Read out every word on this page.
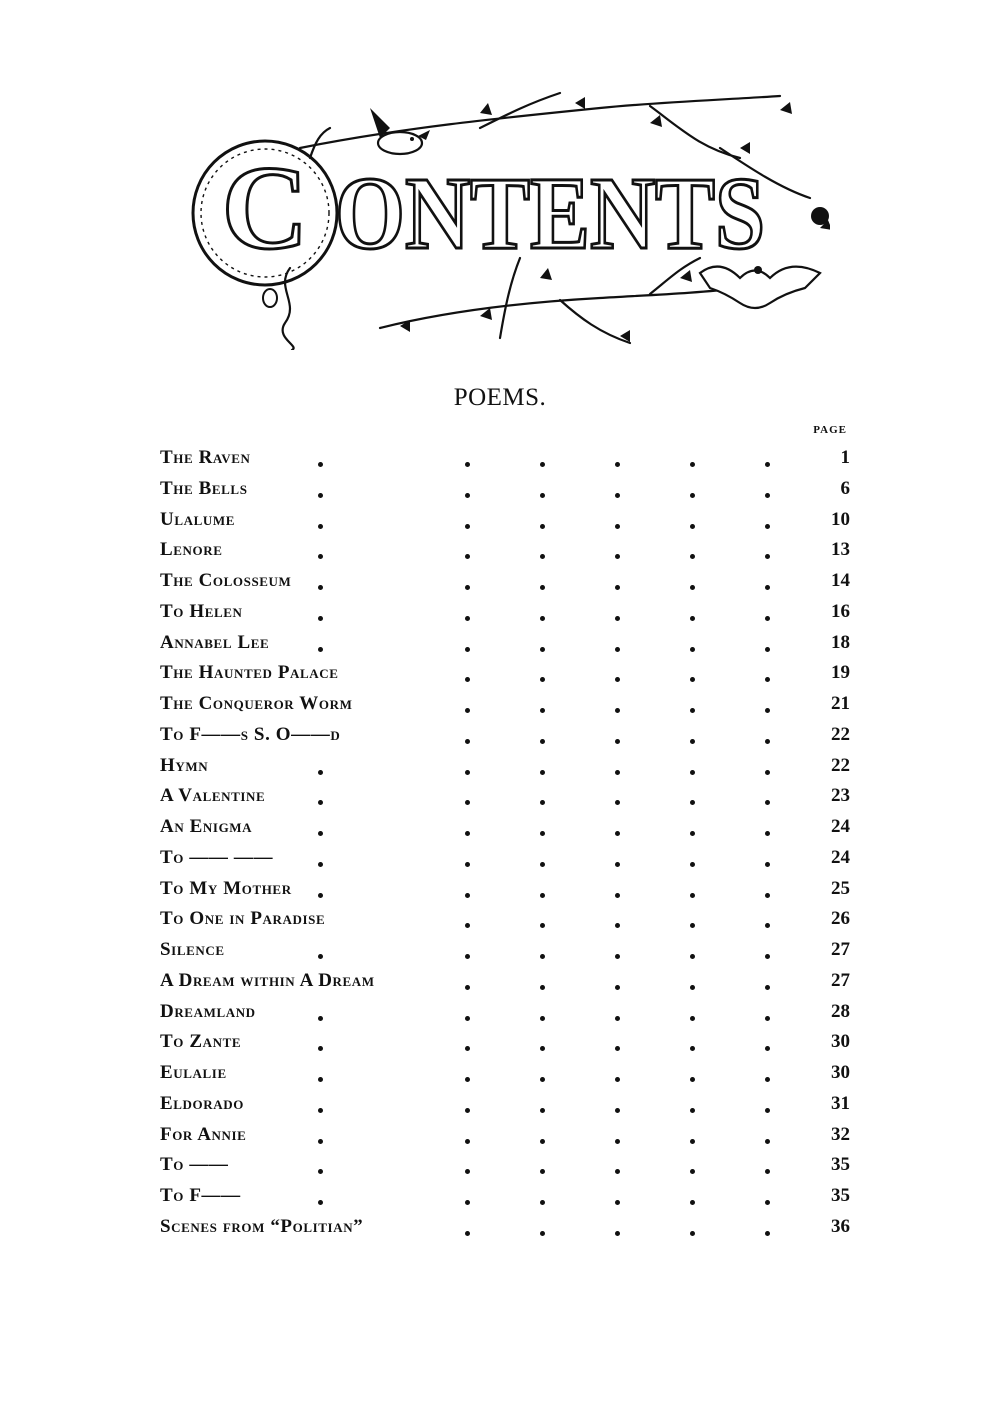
C ONTENTS
POEMS.
PAGE
The Raven	1
The Bells	6
Ulalume	10
Lenore	13
The Colosseum	14
To Helen	16
Annabel Lee	18
The Haunted Palace	19
The Conqueror Worm	21
To F——s S. O——d	22
Hymn	22
A Valentine	23
An Enigma	24
To —— ——	24
To My Mother	25
To One in Paradise	26
Silence	27
A Dream within A Dream	27
Dreamland	28
To Zante	30
Eulalie	30
Eldorado	31
For Annie	32
To ——	35
To F——	35
Scenes from “Politian”	36
